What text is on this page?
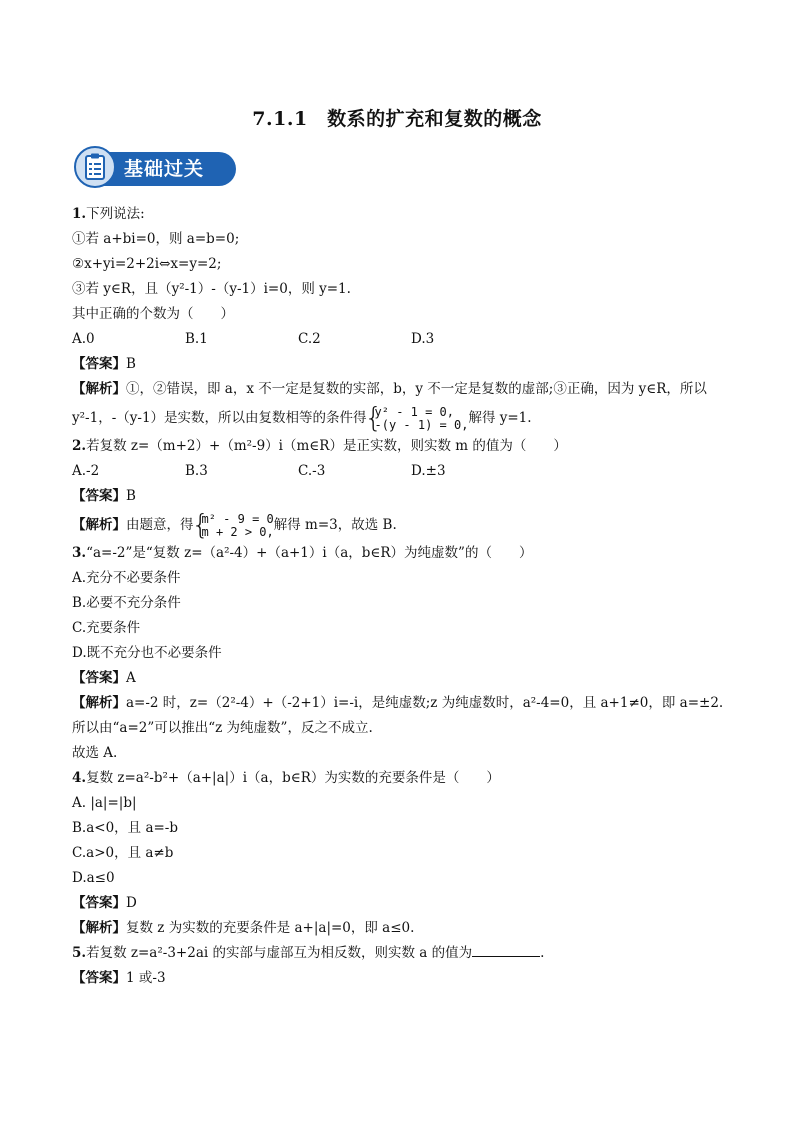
7.1.1　数系的扩充和复数的概念
基础过关
1.下列说法:
①若 a+bi=0，则 a=b=0;
②x+yi=2+2i⇔x=y=2;
③若 y∈R，且（y²-1）-（y-1）i=0，则 y=1.
其中正确的个数为（　　）
A.0	B.1	C.2	D.3
【答案】B
【解析】①，②错误，即 a，x 不一定是复数的实部，b，y 不一定是复数的虚部;③正确，因为 y∈R，所以
y²-1，-（y-1）是实数，所以由复数相等的条件得 { y² - 1 = 0,
-(y - 1) = 0, 解得 y=1.
2.若复数 z=（m+2）+（m²-9）i（m∈R）是正实数，则实数 m 的值为（　　）
A.-2	B.3	C.-3	D.±3
【答案】B
【解析】由题意，得 { m² - 9 = 0
m + 2 > 0, 解得 m=3，故选 B.
3.“a=-2”是“复数 z=（a²-4）+（a+1）i（a，b∈R）为纯虚数”的（　　）
A.充分不必要条件
B.必要不充分条件
C.充要条件
D.既不充分也不必要条件
【答案】A
【解析】a=-2 时，z=（2²-4）+（-2+1）i=-i，是纯虚数;z 为纯虚数时，a²-4=0，且 a+1≠0，即 a=±2.
所以由“a=2”可以推出“z 为纯虚数”，反之不成立.
故选 A.
4.复数 z=a²-b²+（a+|a|）i（a，b∈R）为实数的充要条件是（　　）
A. |a|=|b|
B.a<0，且 a=-b
C.a>0，且 a≠b
D.a≤0
【答案】D
【解析】复数 z 为实数的充要条件是 a+|a|=0，即 a≤0.
5.若复数 z=a²-3+2ai 的实部与虚部互为相反数，则实数 a 的值为	.
【答案】1 或-3
